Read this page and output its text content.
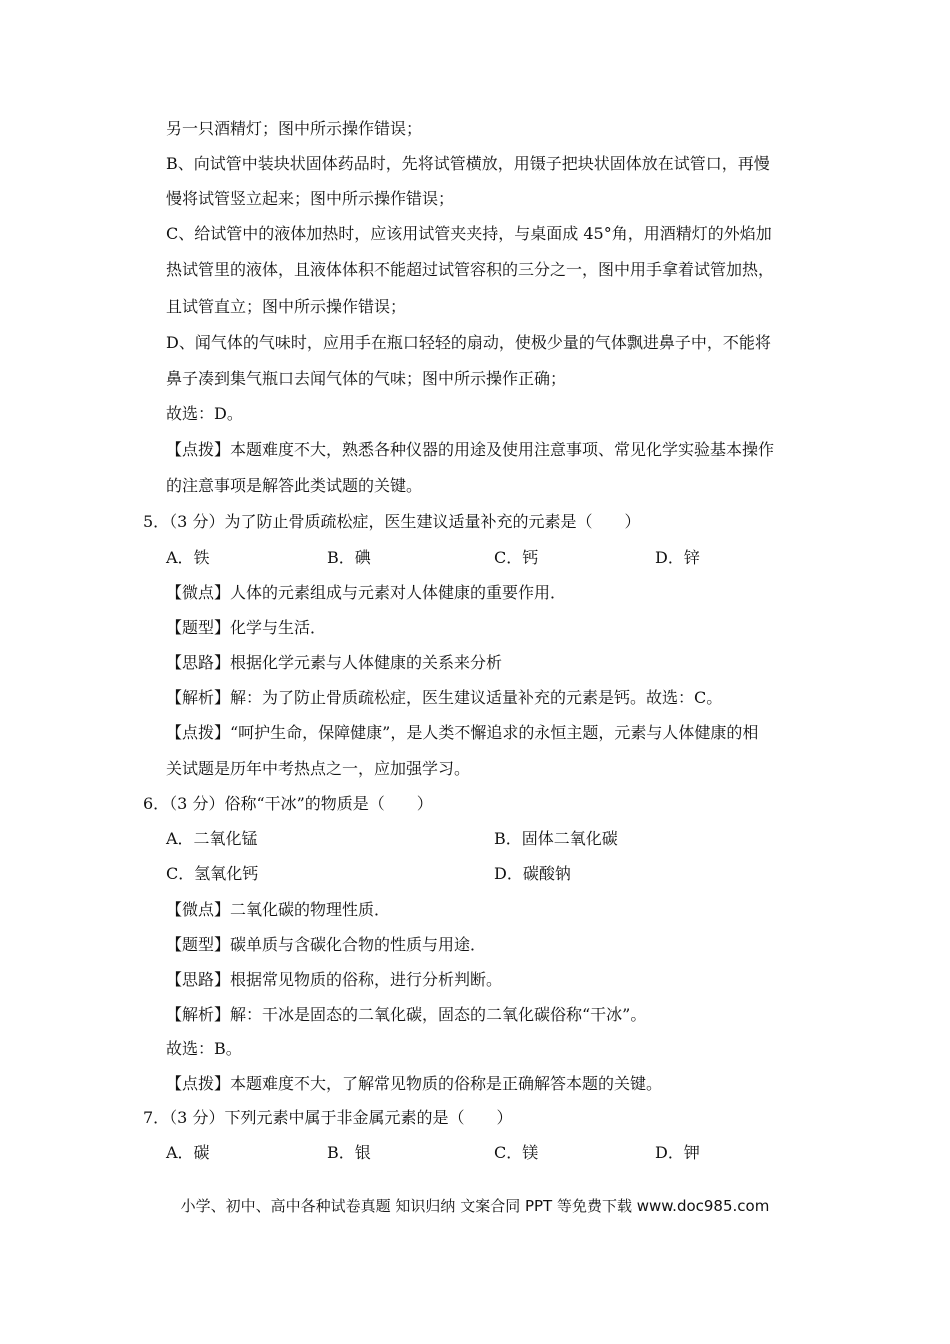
另一只酒精灯；图中所示操作错误；
B、向试管中装块状固体药品时，先将试管横放，用镊子把块状固体放在试管口，再慢
慢将试管竖立起来；图中所示操作错误；
C、给试管中的液体加热时，应该用试管夹夹持，与桌面成 45°角，用酒精灯的外焰加
热试管里的液体，且液体体积不能超过试管容积的三分之一，图中用手拿着试管加热，
且试管直立；图中所示操作错误；
D、闻气体的气味时，应用手在瓶口轻轻的扇动，使极少量的气体飘进鼻子中，不能将
鼻子凑到集气瓶口去闻气体的气味；图中所示操作正确；
故选：D。
【点拨】本题难度不大，熟悉各种仪器的用途及使用注意事项、常见化学实验基本操作
的注意事项是解答此类试题的关键。
5．（3 分）为了防止骨质疏松症，医生建议适量补充的元素是（　　）
A．铁	B．碘	C．钙	D．锌
【微点】人体的元素组成与元素对人体健康的重要作用．
【题型】化学与生活．
【思路】根据化学元素与人体健康的关系来分析
【解析】解：为了防止骨质疏松症，医生建议适量补充的元素是钙。故选：C。
【点拨】“呵护生命，保障健康”，是人类不懈追求的永恒主题，元素与人体健康的相
关试题是历年中考热点之一，应加强学习。
6．（3 分）俗称“干冰”的物质是（　　）
A．二氧化锰	B．固体二氧化碳
C．氢氧化钙	D．碳酸钠
【微点】二氧化碳的物理性质．
【题型】碳单质与含碳化合物的性质与用途．
【思路】根据常见物质的俗称，进行分析判断。
【解析】解：干冰是固态的二氧化碳，固态的二氧化碳俗称“干冰”。
故选：B。
【点拨】本题难度不大，了解常见物质的俗称是正确解答本题的关键。
7．（3 分）下列元素中属于非金属元素的是（　　）
A．碳	B．银	C．镁	D．钾
小学、初中、高中各种试卷真题 知识归纳 文案合同 PPT 等免费下载 www.doc985.com
